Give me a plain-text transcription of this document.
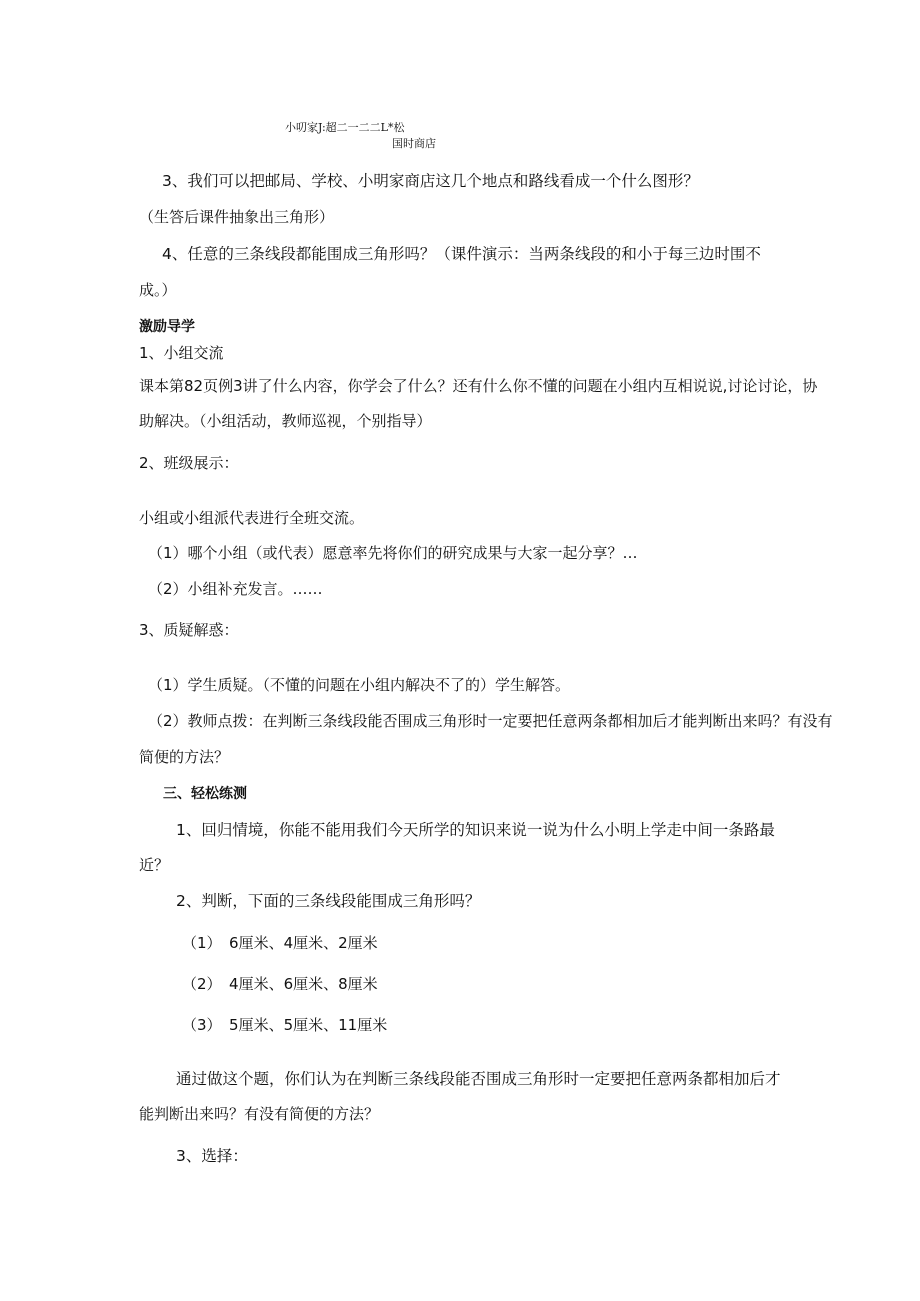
小叨家J:超二一二二L*松

国时商店

3、我们可以把邮局、学校、小明家商店这几个地点和路线看成一个什么图形？

（生答后课件抽象出三角形）

4、任意的三条线段都能围成三角形吗？（课件演示：当两条线段的和小于每三边时围不

成。）

激励导学

1、小组交流

课本第82页例3讲了什么内容，你学会了什么？还有什么你不懂的问题在小组内互相说说,讨论讨论，协

助解决。（小组活动，教师巡视，个别指导）

2、班级展示：

小组或小组派代表进行全班交流。

（1）哪个小组（或代表）愿意率先将你们的研究成果与大家一起分享？…

（2）小组补充发言。……

3、质疑解惑：

（1）学生质疑。（不懂的问题在小组内解决不了的）学生解答。

（2）教师点拨：在判断三条线段能否围成三角形时一定要把任意两条都相加后才能判断出来吗？有没有

简便的方法？

三、轻松练测

1、回归情境，你能不能用我们今天所学的知识来说一说为什么小明上学走中间一条路最

近？

2、判断，下面的三条线段能围成三角形吗？

（1）　6厘米、4厘米、2厘米

（2）　4厘米、6厘米、8厘米

（3）　5厘米、5厘米、11厘米

通过做这个题，你们认为在判断三条线段能否围成三角形时一定要把任意两条都相加后才

能判断出来吗？有没有简便的方法？

3、选择：
